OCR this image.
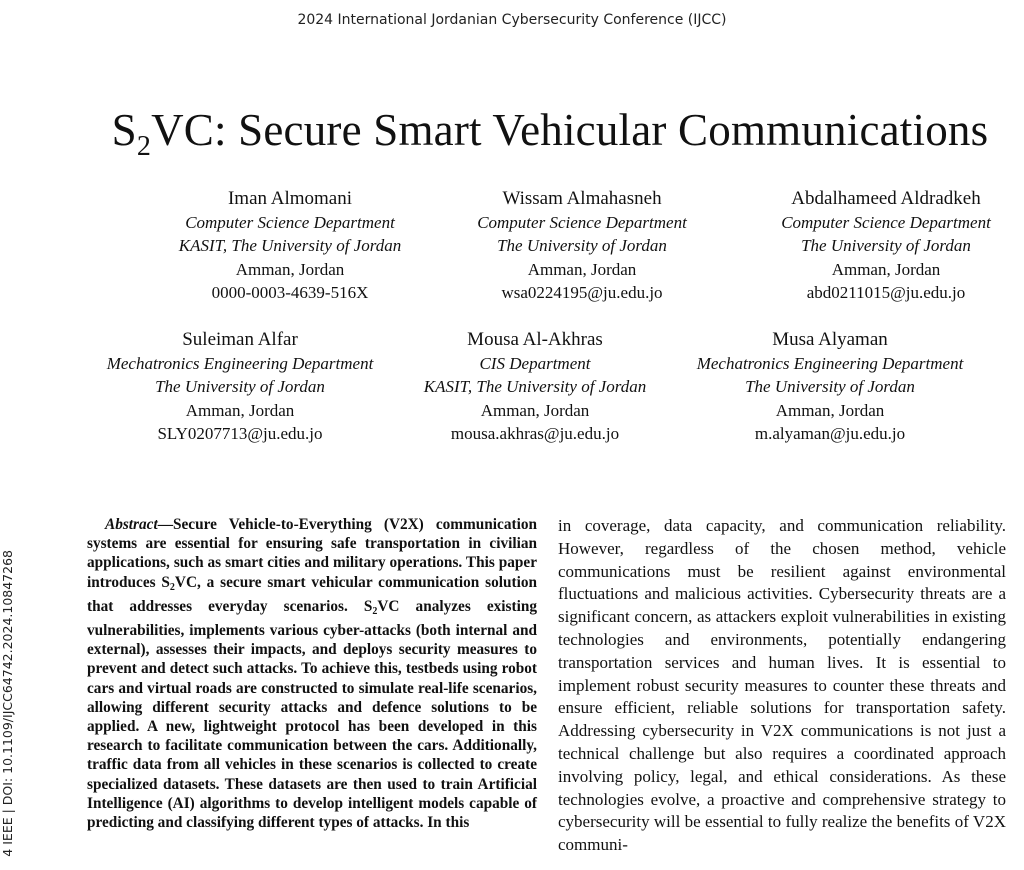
2024 International Jordanian Cybersecurity Conference (IJCC)
$S_2VC$: Secure Smart Vehicular Communications
Iman Almomani
Computer Science Department
KASIT, The University of Jordan
Amman, Jordan
0000-0003-4639-516X
Wissam Almahasneh
Computer Science Department
The University of Jordan
Amman, Jordan
wsa0224195@ju.edu.jo
Abdalhameed Aldradkeh
Computer Science Department
The University of Jordan
Amman, Jordan
abd0211015@ju.edu.jo
Suleiman Alfar
Mechatronics Engineering Department
The University of Jordan
Amman, Jordan
SLY0207713@ju.edu.jo
Mousa Al-Akhras
CIS Department
KASIT, The University of Jordan
Amman, Jordan
mousa.akhras@ju.edu.jo
Musa Alyaman
Mechatronics Engineering Department
The University of Jordan
Amman, Jordan
m.alyaman@ju.edu.jo
4 IEEE | DOI: 10.1109/IJCC64742.2024.10847268

Abstract—Secure Vehicle-to-Everything (V2X) communication systems are essential for ensuring safe transportation in civilian applications, such as smart cities and military operations. This paper introduces $S_2VC$, a secure smart vehicular communication solution that addresses everyday scenarios. $S_2VC$ analyzes existing vulnerabilities, implements various cyber-attacks (both internal and external), assesses their impacts, and deploys security measures to prevent and detect such attacks. To achieve this, testbeds using robot cars and virtual roads are constructed to simulate real-life scenarios, allowing different security attacks and defence solutions to be applied. A new, lightweight protocol has been developed in this research to facilitate communication between the cars. Additionally, traffic data from all vehicles in these scenarios is collected to create specialized datasets. These datasets are then used to train Artificial Intelligence (AI) algorithms to develop intelligent models capable of predicting and classifying different types of attacks. In this

in coverage, data capacity, and communication reliability. However, regardless of the chosen method, vehicle communications must be resilient against environmental fluctuations and malicious activities. Cybersecurity threats are a significant concern, as attackers exploit vulnerabilities in existing technologies and environments, potentially endangering transportation services and human lives. It is essential to implement robust security measures to counter these threats and ensure efficient, reliable solutions for transportation safety. Addressing cybersecurity in V2X communications is not just a technical challenge but also requires a coordinated approach involving policy, legal, and ethical considerations. As these technologies evolve, a proactive and comprehensive strategy to cybersecurity will be essential to fully realize the benefits of V2X communi-
